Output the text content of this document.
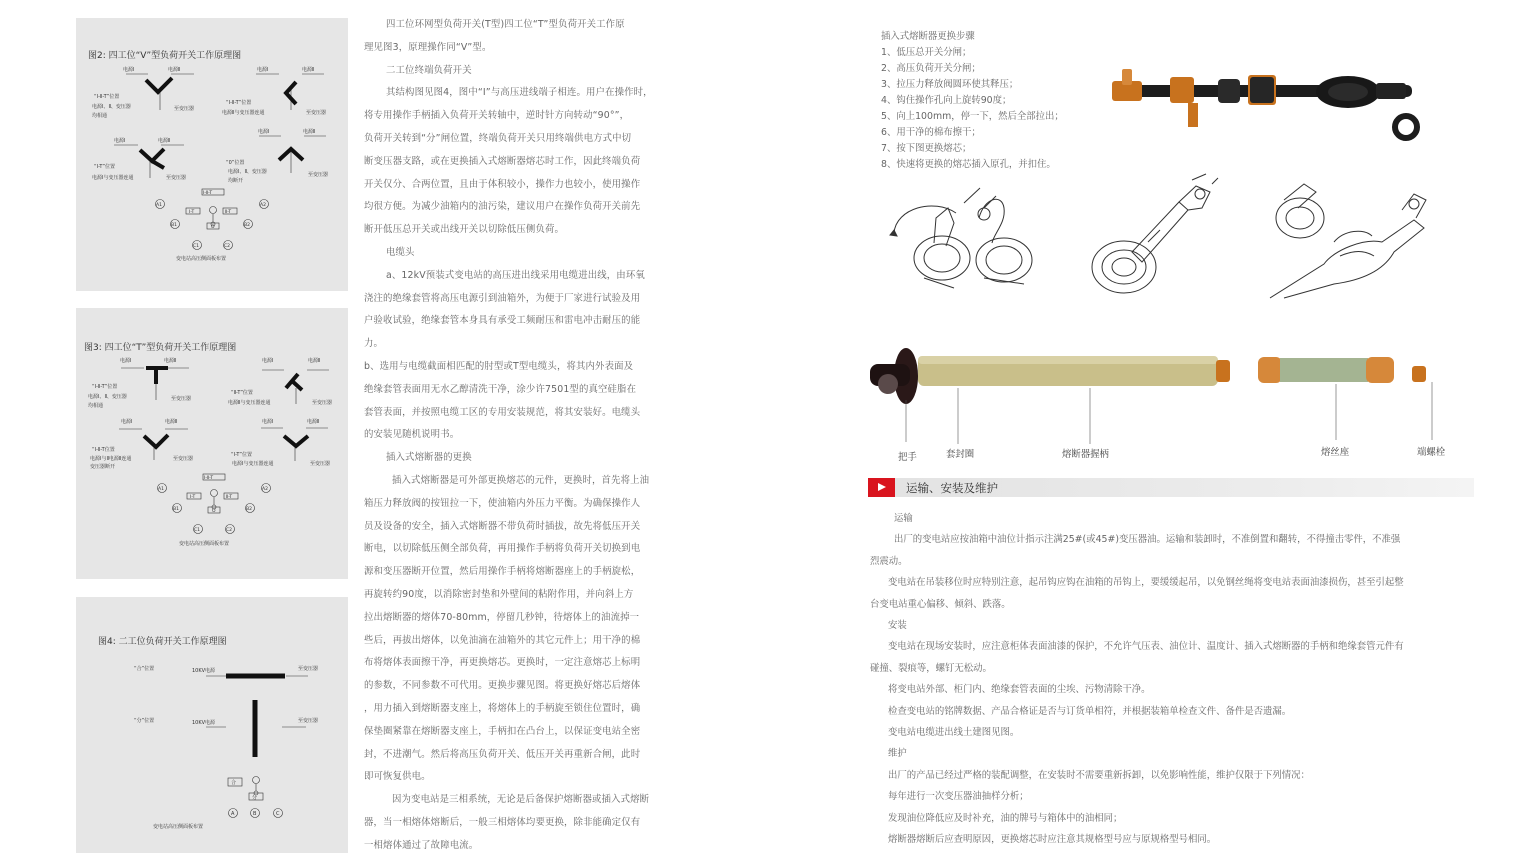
图2: 四工位“V”型负荷开关工作原理图
电源Ⅰ	电源Ⅱ
“Ⅰ-Ⅱ-T”位置
电源Ⅰ、Ⅱ、变压器
均相通
至变压器
电源Ⅰ	电源Ⅱ
“Ⅰ-Ⅱ-T”位置
电源Ⅱ与变压器连通	至变压器
电源Ⅰ	电源Ⅱ
“Ⅰ-T”位置
电源Ⅰ与变压器连通	至变压器
电源Ⅰ	电源Ⅱ
“0”位置
电源Ⅰ、Ⅱ、变压器
均断开
至变压器
Ⅰ-Ⅱ-T
Ⅰ-T	Ⅱ-T
O
A1	A2
B1	B2
C1	C2
变电站高压侧面板布置
图3: 四工位“T”型负荷开关工作原理图
电源Ⅰ	电源Ⅱ
“Ⅰ-Ⅱ-T”位置
电源Ⅰ、Ⅱ、变压器
均相通
至变压器
电源Ⅰ	电源Ⅱ
“Ⅱ-T”位置
电源Ⅱ与变压器连通	至变压器
电源Ⅰ	电源Ⅱ
“Ⅰ-Ⅱ-T位置
电源Ⅰ与Ⅱ电源Ⅱ连通
变压器断开
至变压器
电源Ⅰ	电源Ⅱ
“Ⅰ-T”位置
电源Ⅰ与变压器连通	至变压器
Ⅰ-Ⅱ-T
Ⅰ-T	Ⅱ-T
O
A1	A2
B1	B2
C1	C2
变电站高压侧面板布置
图4: 二工位负荷开关工作原理图
“合”位置	10KV电源	至变压器
“分”位置	10KV电源	至变压器
合
分
A	B	C
变电站高压侧面板布置

四工位环网型负荷开关(T型)四工位“T”型负荷开关工作原

理见图3，原理操作同“V”型。

二工位终端负荷开关

其结构图见图4，图中“Ⅰ”与高压进线端子相连。用户在操作时，

将专用操作手柄插入负荷开关转轴中，逆时针方向转动“90°”，

负荷开关转到“分”闸位置，终端负荷开关只用终端供电方式中切

断变压器支路，或在更换插入式熔断器熔芯时工作，因此终端负荷

开关仅分、合两位置，且由于体积较小，操作力也较小，使用操作

均很方便。为减少油箱内的油污染，建议用户在操作负荷开关前先

断开低压总开关或出线开关以切除低压侧负荷。

电缆头

a、12kV预装式变电站的高压进出线采用电缆进出线，由环氧

浇注的绝缘套管将高压电源引到油箱外，为便于厂家进行试验及用

户验收试验，绝缘套管本身具有承受工频耐压和雷电冲击耐压的能

力。

b、选用与电缆截面相匹配的肘型或T型电缆头，将其内外表面及

绝缘套管表面用无水乙醇清洗干净，涂少许7501型的真空硅脂在

套管表面，并按照电缆工区的专用安装规范，将其安装好。电缆头

的安装见随机说明书。

插入式熔断器的更换

插入式熔断器是可外部更换熔芯的元件，更换时，首先将上油

箱压力释放阀的按钮拉一下，使油箱内外压力平衡。为确保操作人

员及设备的安全，插入式熔断器不带负荷时插拔，故先将低压开关

断电，以切除低压侧全部负荷，再用操作手柄将负荷开关切换到电

源和变压器断开位置，然后用操作手柄将熔断器座上的手柄旋松，

再旋转约90度，以消除密封垫和外壁间的粘附作用，并向斜上方

拉出熔断器的熔体70-80mm，停留几秒钟，待熔体上的油流掉一

些后，再拔出熔体，以免油滴在油箱外的其它元件上；用干净的棉

布将熔体表面擦干净，再更换熔芯。更换时，一定注意熔芯上标明

的参数，不同参数不可代用。更换步骤见图。将更换好熔芯后熔体

，用力插入到熔断器支座上，将熔体上的手柄旋至锁住位置时，确

保垫圈紧靠在熔断器支座上，手柄扣在凸台上，以保证变电站全密

封，不进潮气。然后将高压负荷开关、低压开关再重新合闸，此时

即可恢复供电。

因为变电站是三相系统，无论是后备保护熔断器或插入式熔断

器，当一相熔体熔断后，一般三相熔体均要更换，除非能确定仅有

一相熔体通过了故障电流。

插入式熔断器更换步骤

1、低压总开关分闸；

2、高压负荷开关分闸；

3、拉压力释放阀圆环使其释压；

4、钩住操作孔向上旋转90度；

5、向上100mm，停一下，然后全部拉出；

6、用干净的棉布擦干；

7、按下图更换熔芯；

8、快速将更换的熔芯插入原孔，并扣住。

把手	套封圈	熔断器握柄	熔丝座	端螺栓
运输、安装及维护

运输

出厂的变电站应按油箱中油位计指示注满25#(或45#)变压器油。运输和装卸时，不准倒置和翻转，不得撞击零件，不准强

烈震动。

变电站在吊装移位时应特别注意，起吊钩应钩在油箱的吊钩上，要缓缓起吊，以免钢丝绳将变电站表面油漆损伤，甚至引起整

台变电站重心偏移、倾斜、跌落。

安装

变电站在现场安装时，应注意柜体表面油漆的保护，不允许气压表、油位计、温度计、插入式熔断器的手柄和绝缘套管元件有

碰撞、裂痕等，螺钉无松动。

将变电站外部、柜门内、绝缘套管表面的尘埃、污物清除干净。

检查变电站的铭牌数据、产品合格证是否与订货单相符，并根据装箱单检查文件、备件是否遗漏。

变电站电缆进出线土建图见图。

维护

出厂的产品已经过严格的装配调整，在安装时不需要重新拆卸，以免影响性能，维护仅限于下列情况：

每年进行一次变压器油抽样分析；

发现油位降低应及时补充，油的牌号与箱体中的油相同；

熔断器熔断后应查明原因，更换熔芯时应注意其规格型号应与原规格型号相同。
